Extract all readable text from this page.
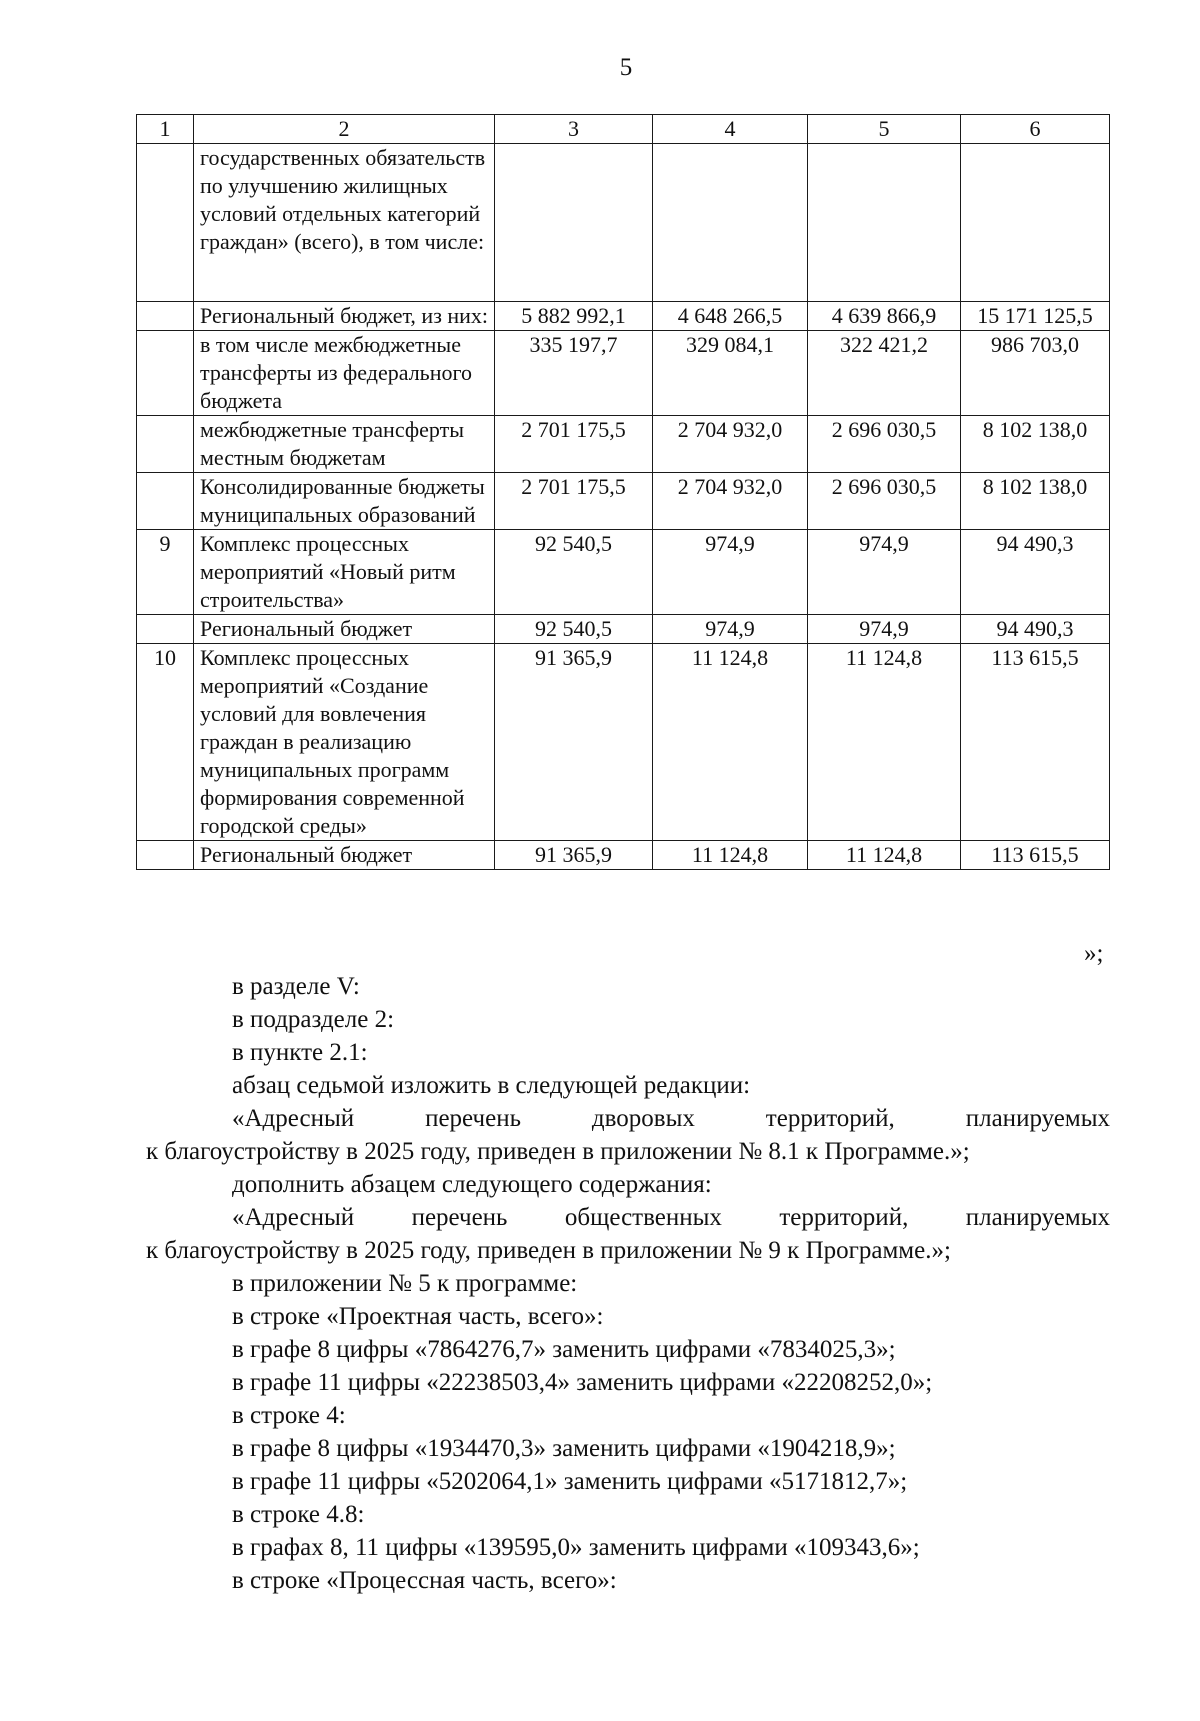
5
1	2	3	4	5	6
	государственных обязательств по улучшению жилищных условий отдельных категорий граждан» (всего), в том числе:				
	Региональный бюджет, из них:	5 882 992,1	4 648 266,5	4 639 866,9	15 171 125,5
	в том числе межбюджетные трансферты из федерального бюджета	335 197,7	329 084,1	322 421,2	986 703,0
	межбюджетные трансферты местным бюджетам	2 701 175,5	2 704 932,0	2 696 030,5	8 102 138,0
	Консолидированные бюджеты муниципальных образований	2 701 175,5	2 704 932,0	2 696 030,5	8 102 138,0
9	Комплекс процессных мероприятий «Новый ритм строительства»	92 540,5	974,9	974,9	94 490,3
	Региональный бюджет	92 540,5	974,9	974,9	94 490,3
10	Комплекс процессных мероприятий «Создание условий для вовлечения граждан в реализацию муниципальных программ формирования современной городской среды»	91 365,9	11 124,8	11 124,8	113 615,5
	Региональный бюджет	91 365,9	11 124,8	11 124,8	113 615,5
»;
в разделе V:
в подразделе 2:
в пункте 2.1:
абзац седьмой изложить в следующей редакции:
«Адресный	перечень	дворовых	территорий,	планируемых
к благоустройству в 2025 году, приведен в приложении № 8.1 к Программе.»;
дополнить абзацем следующего содержания:
«Адресный перечень общественных территорий, планируемых
к благоустройству в 2025 году, приведен в приложении № 9 к Программе.»;
в приложении № 5 к программе:
в строке «Проектная часть, всего»:
в графе 8 цифры «7864276,7» заменить цифрами «7834025,3»;
в графе 11 цифры «22238503,4» заменить цифрами «22208252,0»;
в строке 4:
в графе 8 цифры «1934470,3» заменить цифрами «1904218,9»;
в графе 11 цифры «5202064,1» заменить цифрами «5171812,7»;
в строке 4.8:
в графах 8, 11 цифры «139595,0» заменить цифрами «109343,6»;
в строке «Процессная часть, всего»:
